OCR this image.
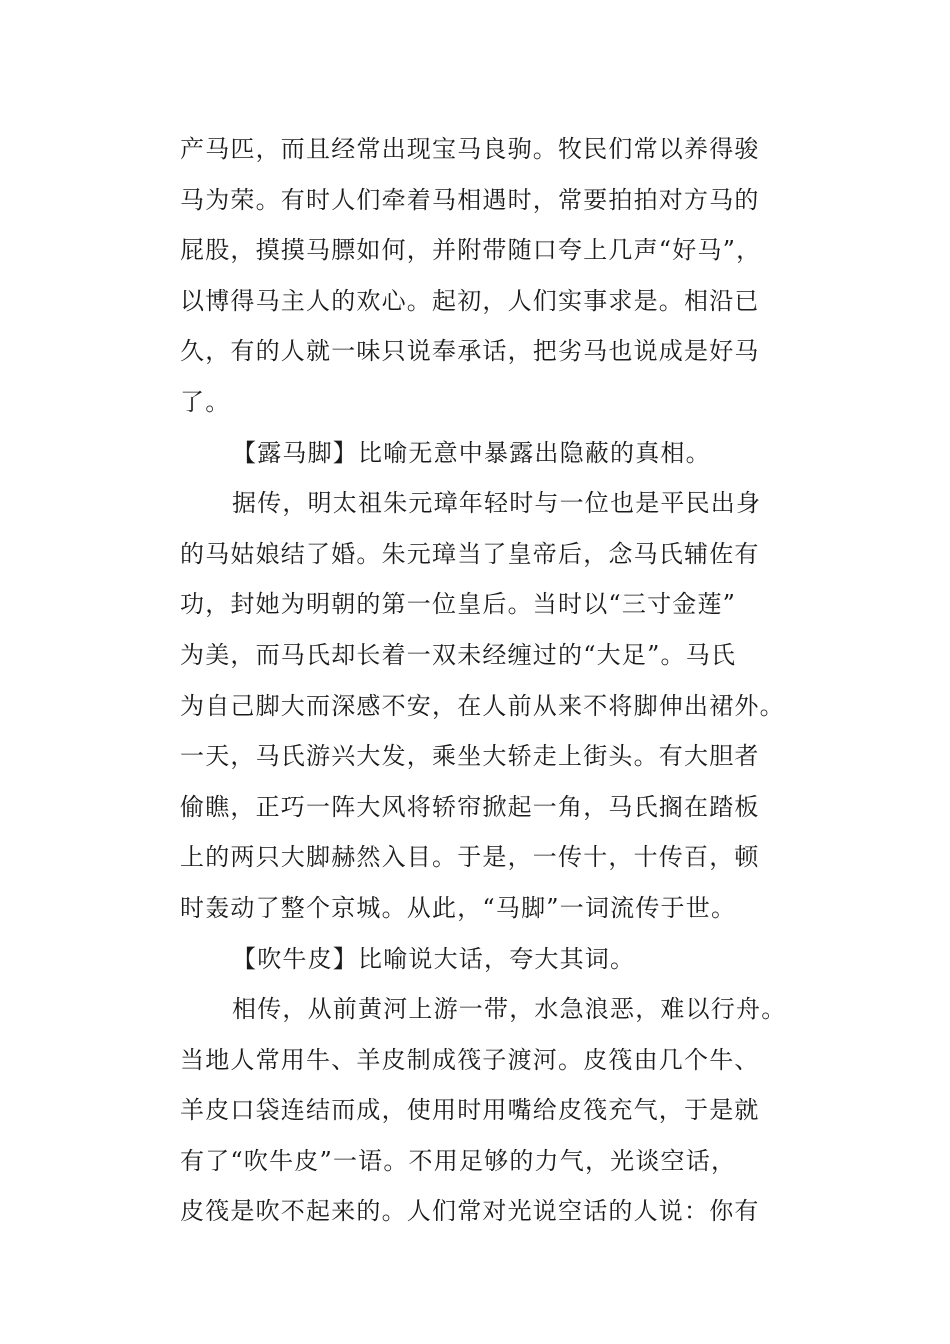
产马匹，而且经常出现宝马良驹。牧民们常以养得骏
马为荣。有时人们牵着马相遇时，常要拍拍对方马的
屁股，摸摸马膘如何，并附带随口夸上几声“好马”，
以博得马主人的欢心。起初，人们实事求是。相沿已
久，有的人就一味只说奉承话，把劣马也说成是好马
了。
【露马脚】比喻无意中暴露出隐蔽的真相。
据传，明太祖朱元璋年轻时与一位也是平民出身
的马姑娘结了婚。朱元璋当了皇帝后，念马氏辅佐有
功，封她为明朝的第一位皇后。当时以“三寸金莲”
为美，而马氏却长着一双未经缠过的“大足”。马氏
为自己脚大而深感不安，在人前从来不将脚伸出裙外。
一天，马氏游兴大发，乘坐大轿走上街头。有大胆者
偷瞧，正巧一阵大风将轿帘掀起一角，马氏搁在踏板
上的两只大脚赫然入目。于是，一传十，十传百，顿
时轰动了整个京城。从此，“马脚”一词流传于世。
【吹牛皮】比喻说大话，夸大其词。
相传，从前黄河上游一带，水急浪恶，难以行舟。
当地人常用牛、羊皮制成筏子渡河。皮筏由几个牛、
羊皮口袋连结而成，使用时用嘴给皮筏充气，于是就
有了“吹牛皮”一语。不用足够的力气，光谈空话，
皮筏是吹不起来的。人们常对光说空话的人说：你有
